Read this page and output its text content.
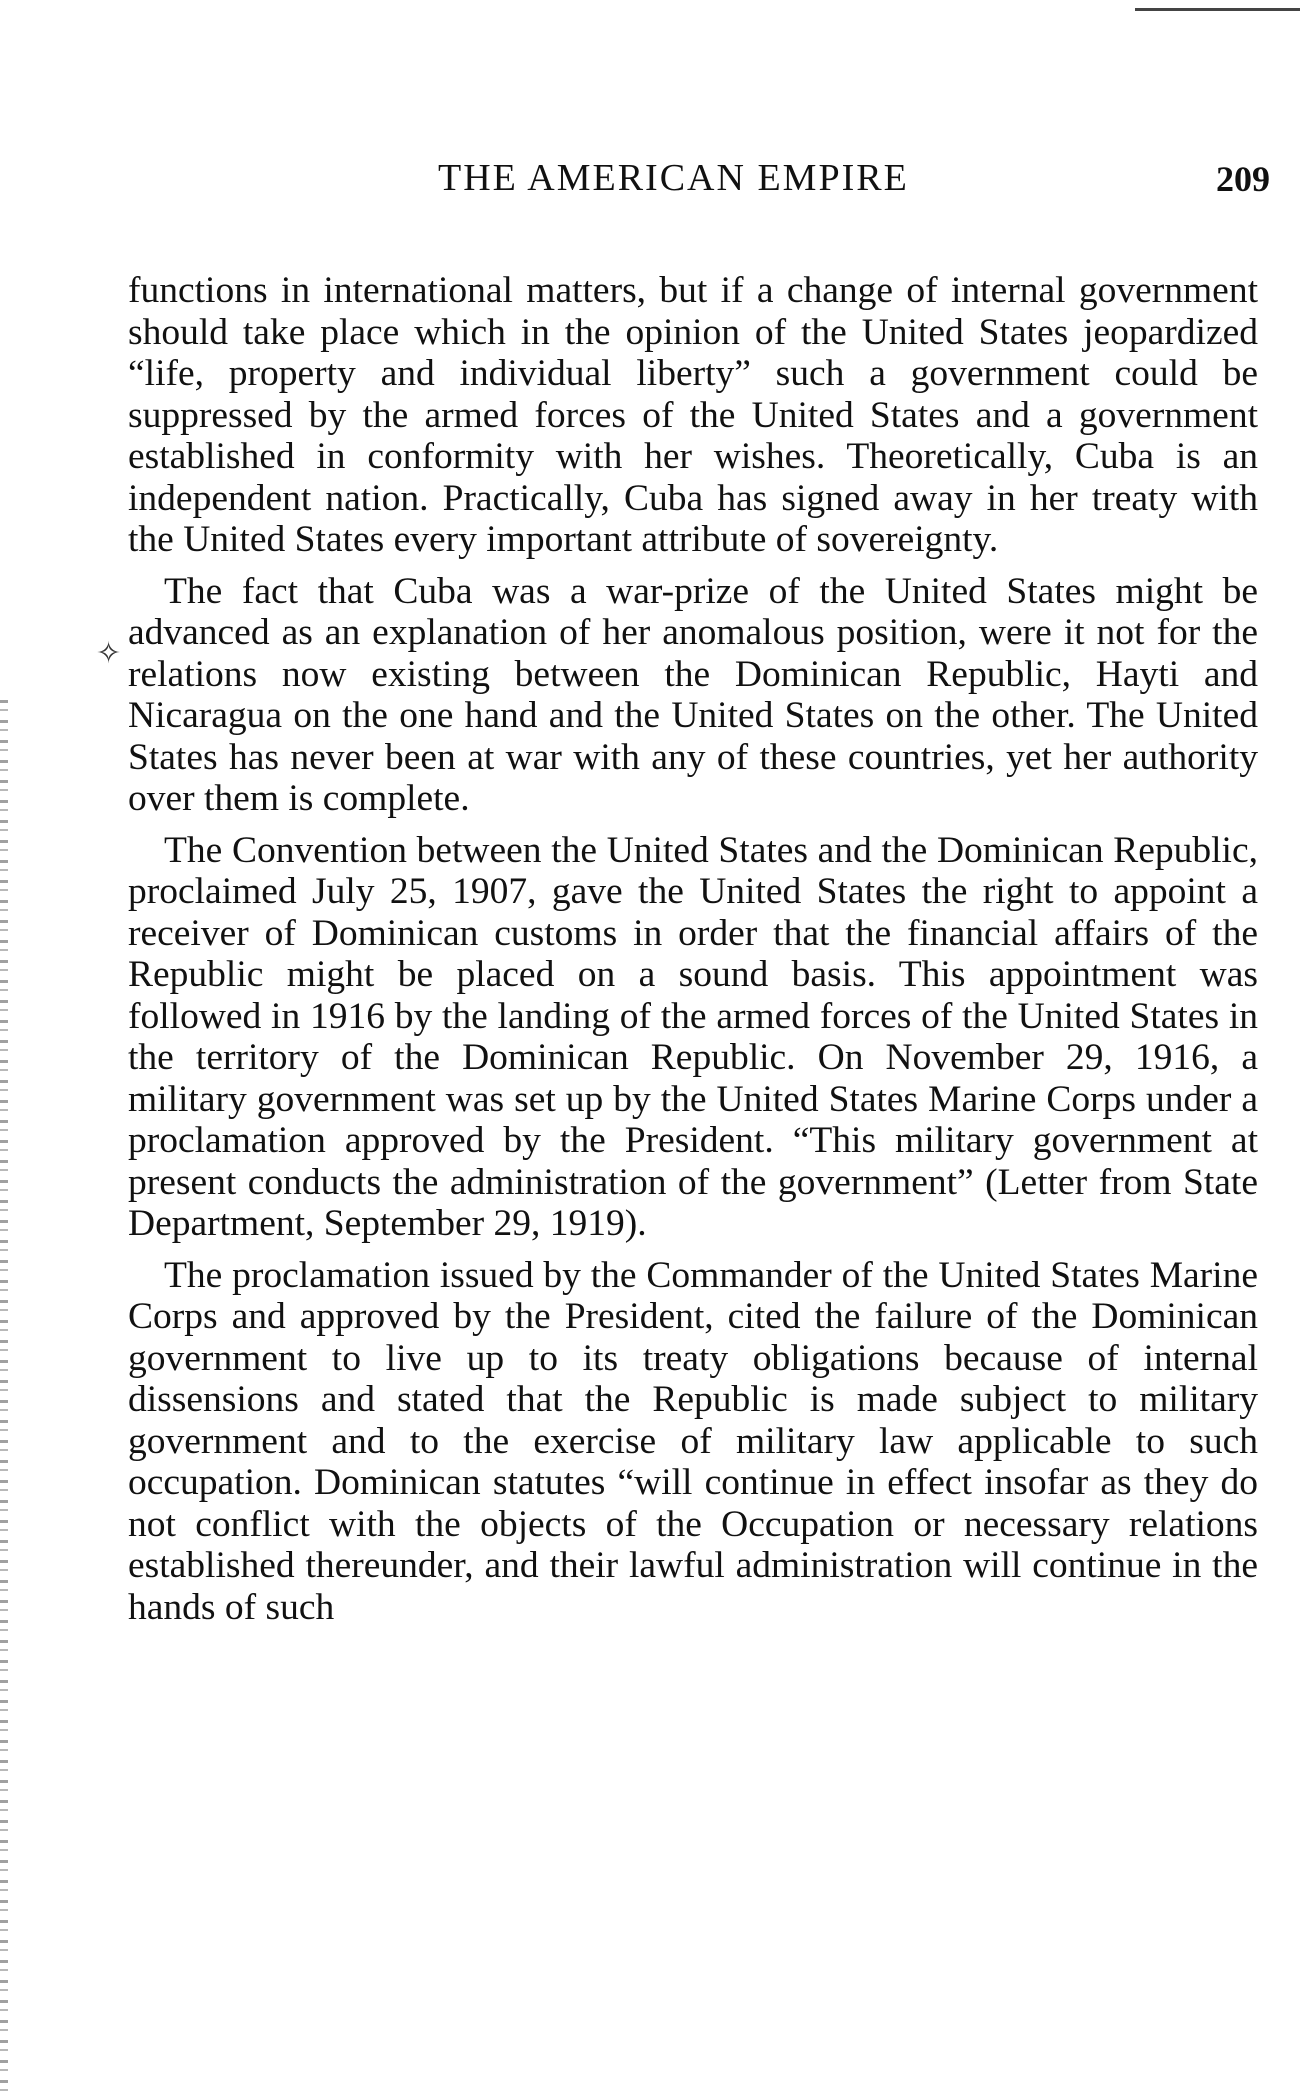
✧
THE AMERICAN EMPIRE	209

functions in international matters, but if a change of internal government should take place which in the opinion of the United States jeopardized “life, property and individual liberty” such a government could be suppressed by the armed forces of the United States and a government established in conformity with her wishes. Theoretically, Cuba is an independent nation. Practically, Cuba has signed away in her treaty with the United States every important attribute of sovereignty.

The fact that Cuba was a war-prize of the United States might be advanced as an explanation of her anomalous position, were it not for the relations now existing between the Dominican Republic, Hayti and Nicaragua on the one hand and the United States on the other. The United States has never been at war with any of these countries, yet her authority over them is complete.

The Convention between the United States and the Dominican Republic, proclaimed July 25, 1907, gave the United States the right to appoint a receiver of Dominican customs in order that the financial affairs of the Republic might be placed on a sound basis. This appointment was followed in 1916 by the landing of the armed forces of the United States in the territory of the Dominican Republic. On November 29, 1916, a military government was set up by the United States Marine Corps under a proclamation approved by the President. “This military government at present conducts the administration of the government” (Letter from State Department, September 29, 1919).

The proclamation issued by the Commander of the United States Marine Corps and approved by the President, cited the failure of the Dominican government to live up to its treaty obligations because of internal dissensions and stated that the Republic is made subject to military government and to the exercise of military law applicable to such occupation. Dominican statutes “will continue in effect insofar as they do not conflict with the objects of the Occupation or necessary relations established thereunder, and their lawful administration will continue in the hands of such
